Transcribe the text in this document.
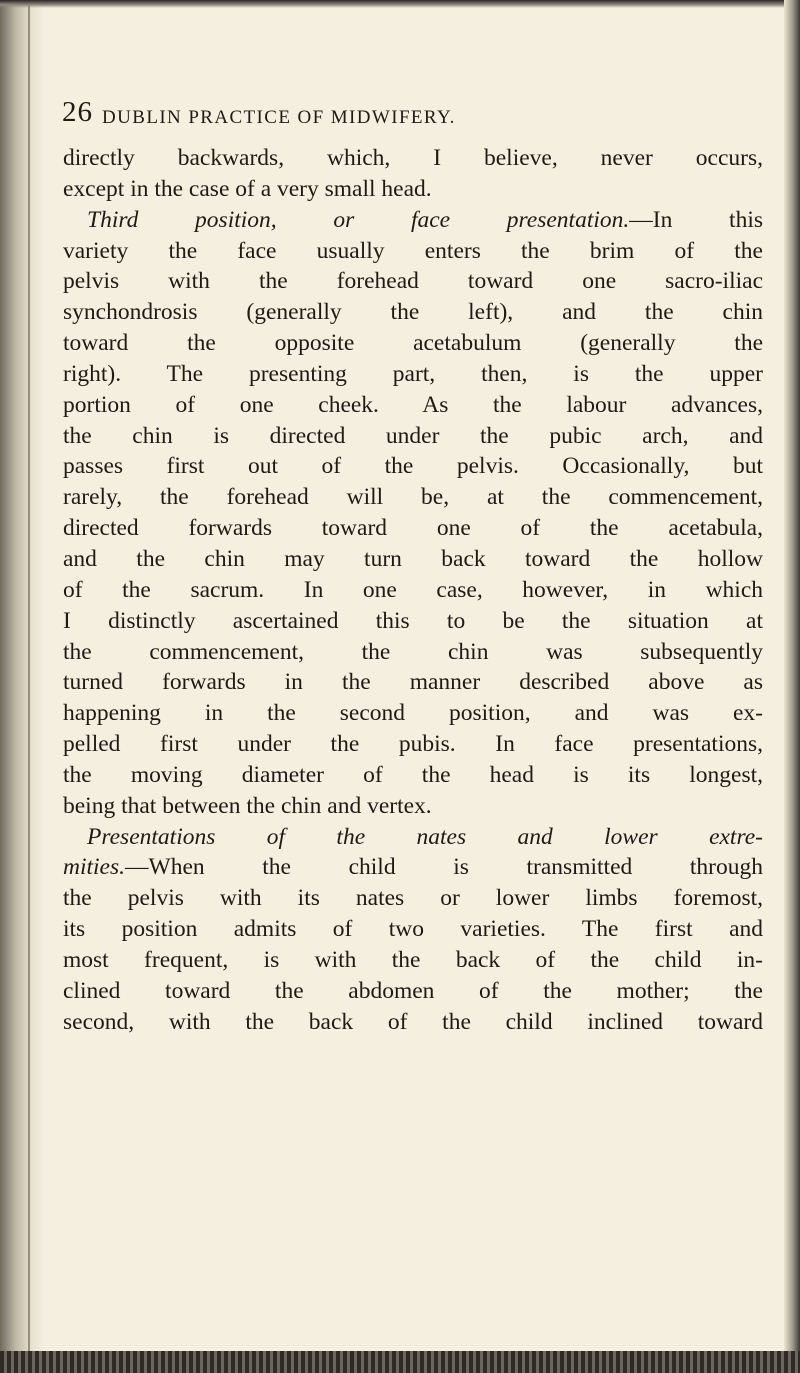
26 DUBLIN PRACTICE OF MIDWIFERY.
directly backwards, which, I believe, never occurs,
except in the case of a very small head.
Third position, or face presentation.—In this
variety the face usually enters the brim of the
pelvis with the forehead toward one sacro-iliac
synchondrosis (generally the left), and the chin
toward the opposite acetabulum (generally the
right). The presenting part, then, is the upper
portion of one cheek. As the labour advances,
the chin is directed under the pubic arch, and
passes first out of the pelvis. Occasionally, but
rarely, the forehead will be, at the commencement,
directed forwards toward one of the acetabula,
and the chin may turn back toward the hollow
of the sacrum. In one case, however, in which
I distinctly ascertained this to be the situation at
the commencement, the chin was subsequently
turned forwards in the manner described above as
happening in the second position, and was ex-
pelled first under the pubis. In face presentations,
the moving diameter of the head is its longest,
being that between the chin and vertex.
Presentations of the nates and lower extre-
mities.—When the child is transmitted through
the pelvis with its nates or lower limbs foremost,
its position admits of two varieties. The first and
most frequent, is with the back of the child in-
clined toward the abdomen of the mother; the
second, with the back of the child inclined toward
